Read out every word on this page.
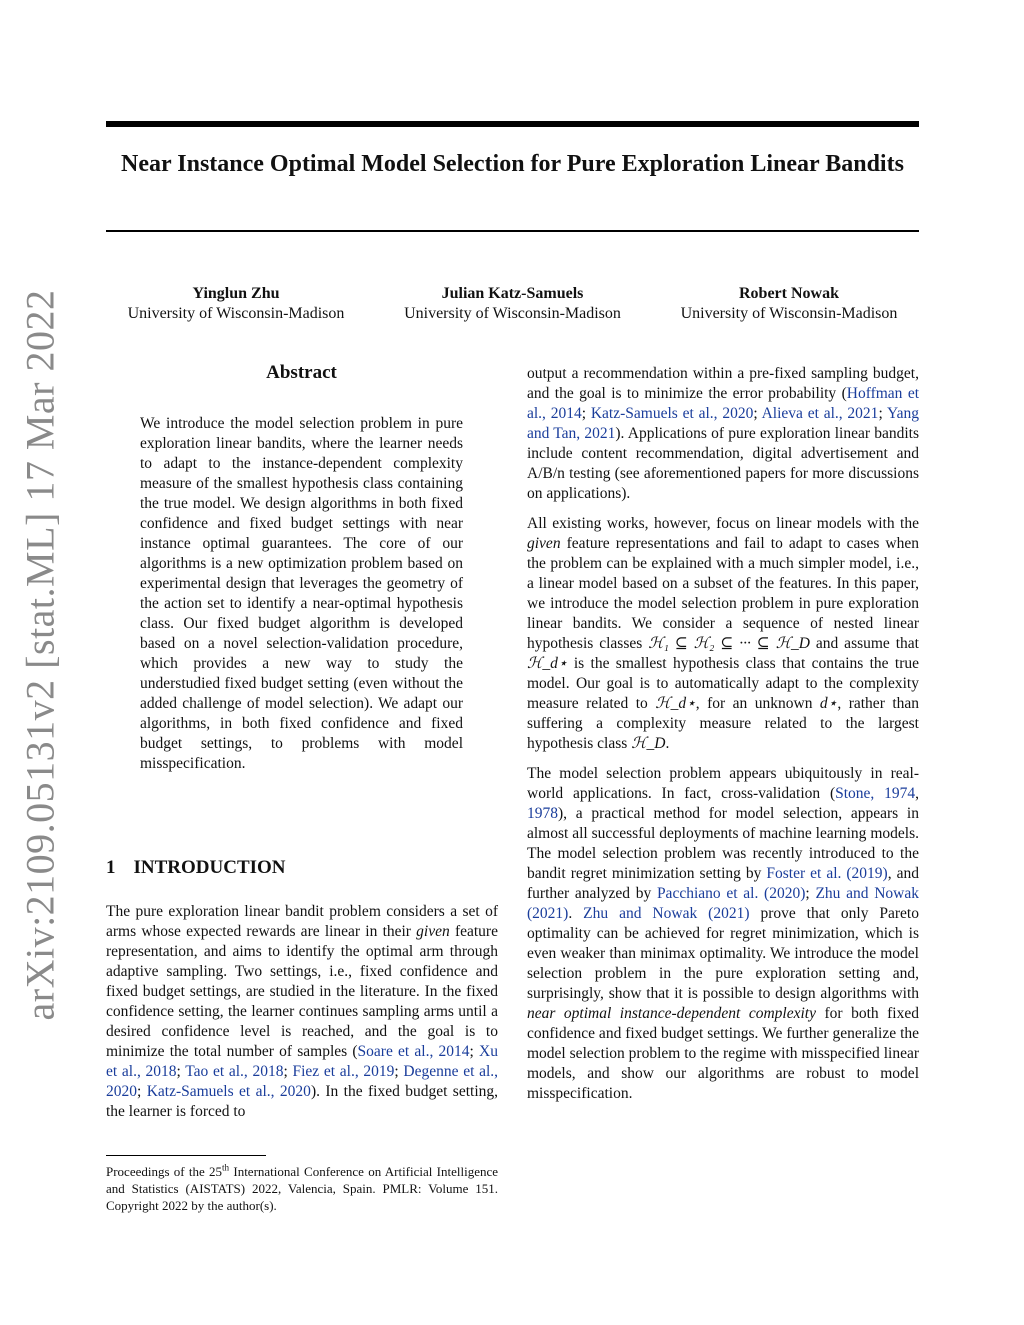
Near Instance Optimal Model Selection for Pure Exploration Linear Bandits
arXiv:2109.05131v2 [stat.ML] 17 Mar 2022	Yinglun Zhu
University of Wisconsin-Madison
Julian Katz-Samuels
University of Wisconsin-Madison
Robert Nowak
University of Wisconsin-Madison
Abstract
We introduce the model selection problem in pure exploration linear bandits, where the learner needs to adapt to the instance-dependent complexity measure of the smallest hypothesis class containing the true model. We design algorithms in both fixed confidence and fixed budget settings with near instance optimal guarantees. The core of our algorithms is a new optimization problem based on experimental design that leverages the geometry of the action set to identify a near-optimal hypothesis class. Our fixed budget algorithm is developed based on a novel selection-validation procedure, which provides a new way to study the understudied fixed budget setting (even without the added challenge of model selection). We adapt our algorithms, in both fixed confidence and fixed budget settings, to problems with model misspecification.
1 INTRODUCTION
The pure exploration linear bandit problem considers a set of arms whose expected rewards are linear in their given feature representation, and aims to identify the optimal arm through adaptive sampling. Two settings, i.e., fixed confidence and fixed budget settings, are studied in the literature. In the fixed confidence setting, the learner continues sampling arms until a desired confidence level is reached, and the goal is to minimize the total number of samples (Soare et al., 2014; Xu et al., 2018; Tao et al., 2018; Fiez et al., 2019; Degenne et al., 2020; Katz-Samuels et al., 2020). In the fixed budget setting, the learner is forced to
Proceedings of the 25th International Conference on Artificial Intelligence and Statistics (AISTATS) 2022, Valencia, Spain. PMLR: Volume 151. Copyright 2022 by the author(s).

output a recommendation within a pre-fixed sampling budget, and the goal is to minimize the error probability (Hoffman et al., 2014; Katz-Samuels et al., 2020; Alieva et al., 2021; Yang and Tan, 2021). Applications of pure exploration linear bandits include content recommendation, digital advertisement and A/B/n testing (see aforementioned papers for more discussions on applications).

All existing works, however, focus on linear models with the given feature representations and fail to adapt to cases when the problem can be explained with a much simpler model, i.e., a linear model based on a subset of the features. In this paper, we introduce the model selection problem in pure exploration linear bandits. We consider a sequence of nested linear hypothesis classes ℋ₁ ⊆ ℋ₂ ⊆ ··· ⊆ ℋ_D and assume that ℋ_d⋆ is the smallest hypothesis class that contains the true model. Our goal is to automatically adapt to the complexity measure related to ℋ_d⋆, for an unknown d⋆, rather than suffering a complexity measure related to the largest hypothesis class ℋ_D.

The model selection problem appears ubiquitously in real-world applications. In fact, cross-validation (Stone, 1974, 1978), a practical method for model selection, appears in almost all successful deployments of machine learning models. The model selection problem was recently introduced to the bandit regret minimization setting by Foster et al. (2019), and further analyzed by Pacchiano et al. (2020); Zhu and Nowak (2021). Zhu and Nowak (2021) prove that only Pareto optimality can be achieved for regret minimization, which is even weaker than minimax optimality. We introduce the model selection problem in the pure exploration setting and, surprisingly, show that it is possible to design algorithms with near optimal instance-dependent complexity for both fixed confidence and fixed budget settings. We further generalize the model selection problem to the regime with misspecified linear models, and show our algorithms are robust to model misspecification.
